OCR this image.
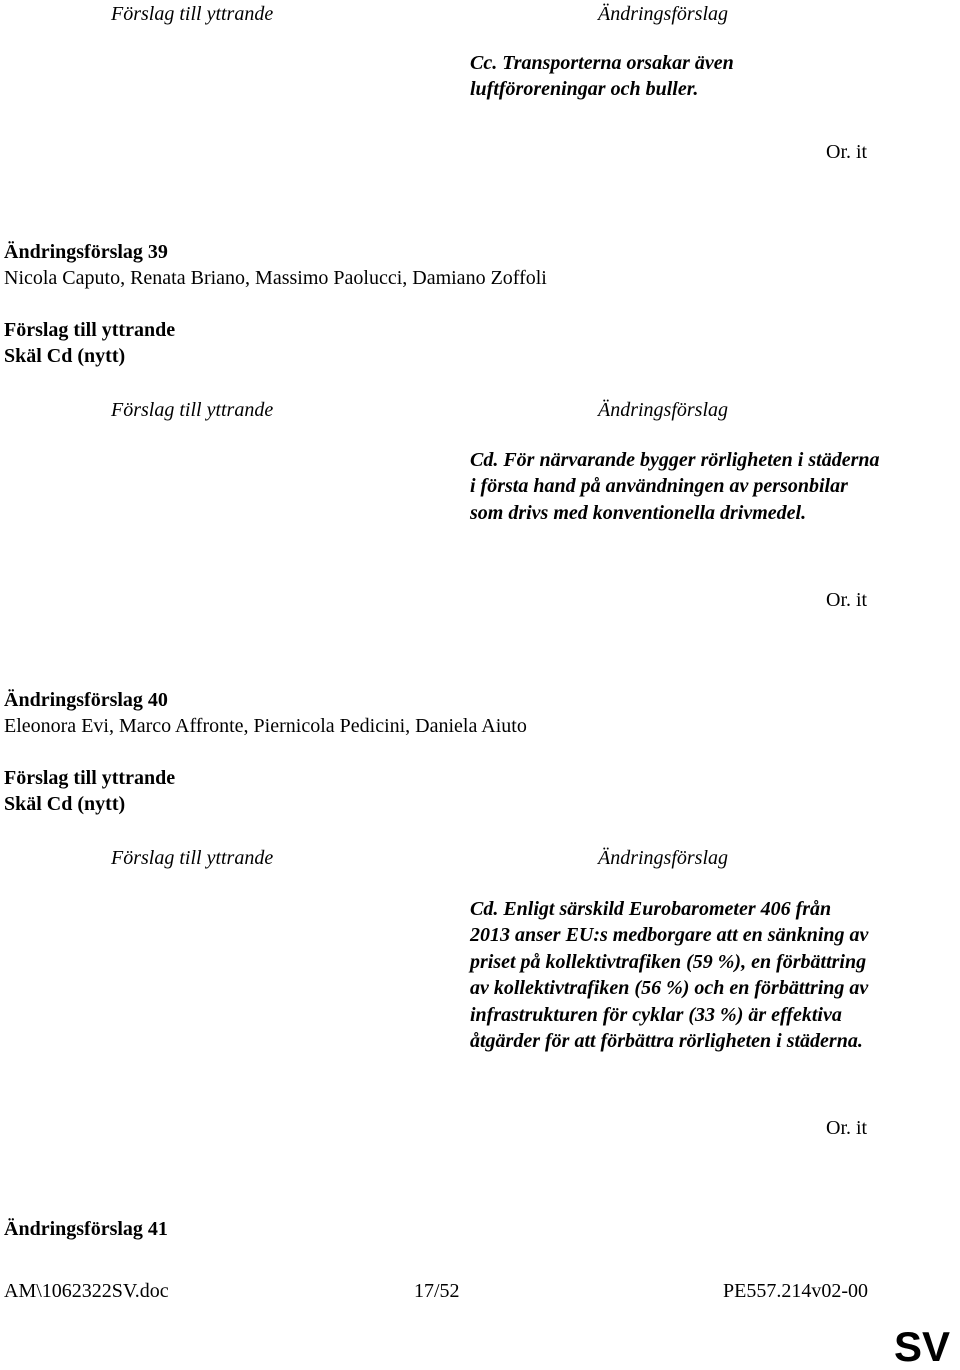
Förslag till yttrande	Ändringsförslag
Cc. Transporterna orsakar även luftföroreningar och buller.
Or. it
Ändringsförslag 39
Nicola Caputo, Renata Briano, Massimo Paolucci, Damiano Zoffoli
Förslag till yttrande
Skäl Cd (nytt)
Förslag till yttrande	Ändringsförslag
Cd. För närvarande bygger rörligheten i städerna i första hand på användningen av personbilar som drivs med konventionella drivmedel.
Or. it
Ändringsförslag 40
Eleonora Evi, Marco Affronte, Piernicola Pedicini, Daniela Aiuto
Förslag till yttrande
Skäl Cd (nytt)
Förslag till yttrande	Ändringsförslag
Cd. Enligt särskild Eurobarometer 406 från 2013 anser EU:s medborgare att en sänkning av priset på kollektivtrafiken (59 %), en förbättring av kollektivtrafiken (56 %) och en förbättring av infrastrukturen för cyklar (33 %) är effektiva åtgärder för att förbättra rörligheten i städerna.
Or. it
Ändringsförslag 41
AM\1062322SV.doc	17/52	PE557.214v02-00
SV
